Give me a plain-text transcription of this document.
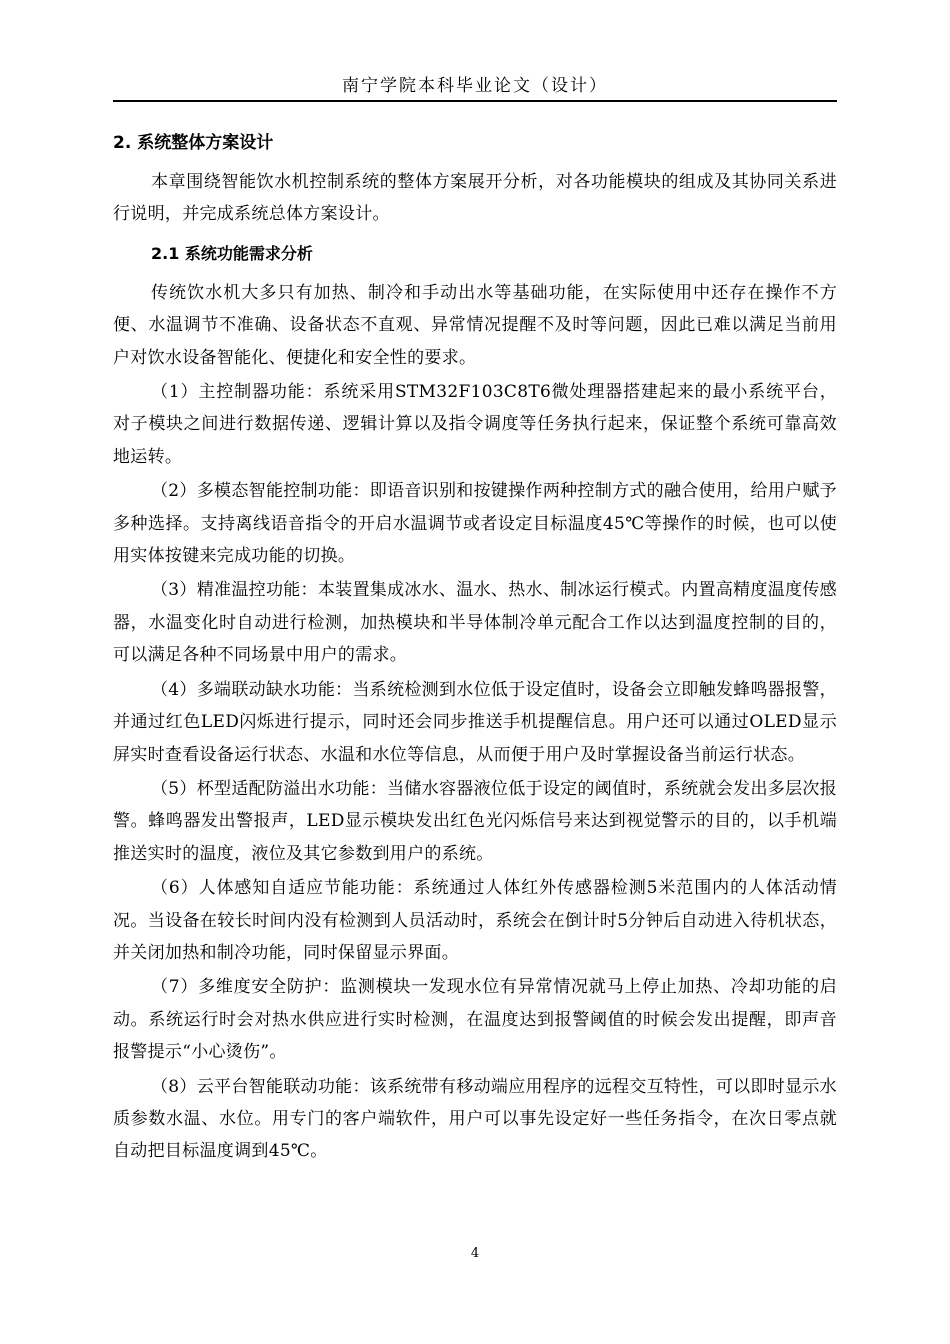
南宁学院本科毕业论文（设计）
2. 系统整体方案设计

本章围绕智能饮水机控制系统的整体方案展开分析，对各功能模块的组成及其协同关系进行说明，并完成系统总体方案设计。

2.1 系统功能需求分析

传统饮水机大多只有加热、制冷和手动出水等基础功能，在实际使用中还存在操作不方便、水温调节不准确、设备状态不直观、异常情况提醒不及时等问题，因此已难以满足当前用户对饮水设备智能化、便捷化和安全性的要求。

（1）主控制器功能：系统采用STM32F103C8T6微处理器搭建起来的最小系统平台，对子模块之间进行数据传递、逻辑计算以及指令调度等任务执行起来，保证整个系统可靠高效地运转。

（2）多模态智能控制功能：即语音识别和按键操作两种控制方式的融合使用，给用户赋予多种选择。支持离线语音指令的开启水温调节或者设定目标温度45℃等操作的时候，也可以使用实体按键来完成功能的切换。

（3）精准温控功能：本装置集成冰水、温水、热水、制冰运行模式。内置高精度温度传感器，水温变化时自动进行检测，加热模块和半导体制冷单元配合工作以达到温度控制的目的，可以满足各种不同场景中用户的需求。

（4）多端联动缺水功能：当系统检测到水位低于设定值时，设备会立即触发蜂鸣器报警，并通过红色LED闪烁进行提示，同时还会同步推送手机提醒信息。用户还可以通过OLED显示屏实时查看设备运行状态、水温和水位等信息，从而便于用户及时掌握设备当前运行状态。

（5）杯型适配防溢出水功能：当储水容器液位低于设定的阈值时，系统就会发出多层次报警。蜂鸣器发出警报声，LED显示模块发出红色光闪烁信号来达到视觉警示的目的，以手机端推送实时的温度，液位及其它参数到用户的系统。

（6）人体感知自适应节能功能：系统通过人体红外传感器检测5米范围内的人体活动情况。当设备在较长时间内没有检测到人员活动时，系统会在倒计时5分钟后自动进入待机状态，并关闭加热和制冷功能，同时保留显示界面。

（7）多维度安全防护：监测模块一发现水位有异常情况就马上停止加热、冷却功能的启动。系统运行时会对热水供应进行实时检测，在温度达到报警阈值的时候会发出提醒，即声音报警提示“小心烫伤”。

（8）云平台智能联动功能：该系统带有移动端应用程序的远程交互特性，可以即时显示水质参数水温、水位。用专门的客户端软件，用户可以事先设定好一些任务指令，在次日零点就自动把目标温度调到45℃。

4
